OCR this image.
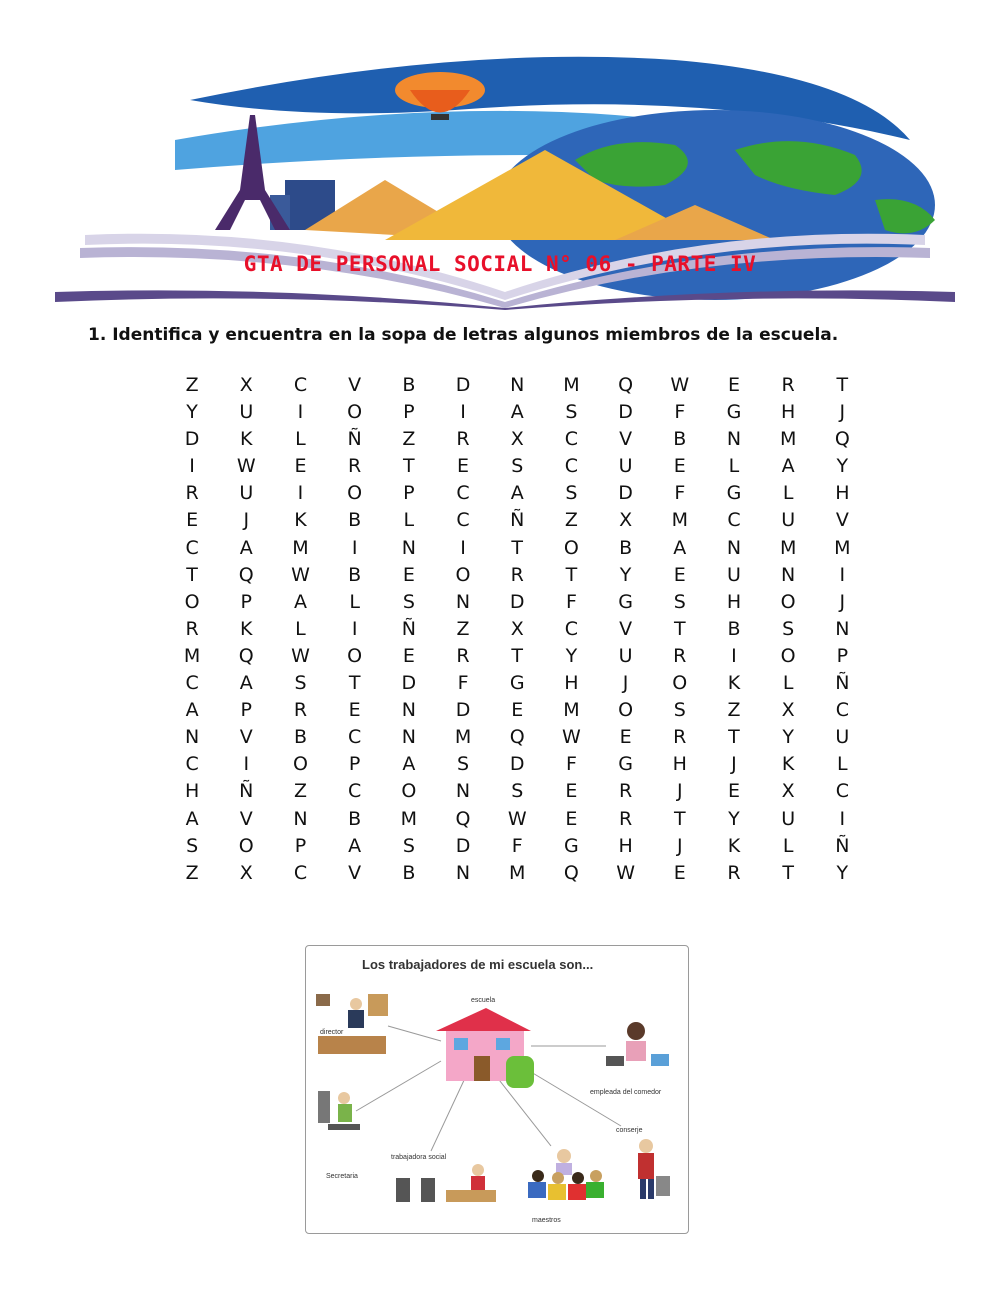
GTA DE PERSONAL SOCIAL N° 06 - PARTE IV
1. Identifica y encuentra en la sopa de letras algunos miembros de la escuela.
Z	X	C	V	B	D	N	M	Q	W	E	R	T
Y	U	I	O	P	I	A	S	D	F	G	H	J
D	K	L	Ñ	Z	R	X	C	V	B	N	M	Q
I	W	E	R	T	E	S	C	U	E	L	A	Y
R	U	I	O	P	C	A	S	D	F	G	L	H
E	J	K	B	L	C	Ñ	Z	X	M	C	U	V
C	A	M	I	N	I	T	O	B	A	N	M	M
T	Q	W	B	E	O	R	T	Y	E	U	N	I
O	P	A	L	S	N	D	F	G	S	H	O	J
R	K	L	I	Ñ	Z	X	C	V	T	B	S	N
M	Q	W	O	E	R	T	Y	U	R	I	O	P
C	A	S	T	D	F	G	H	J	O	K	L	Ñ
A	P	R	E	N	D	E	M	O	S	Z	X	C
N	V	B	C	N	M	Q	W	E	R	T	Y	U
C	I	O	P	A	S	D	F	G	H	J	K	L
H	Ñ	Z	C	O	N	S	E	R	J	E	X	C
A	V	N	B	M	Q	W	E	R	T	Y	U	I
S	O	P	A	S	D	F	G	H	J	K	L	Ñ
Z	X	C	V	B	N	M	Q	W	E	R	T	Y
Los trabajadores de mi escuela son...
escuela
director
Secretaria
trabajadora social
maestros
conserje
empleada del comedor
